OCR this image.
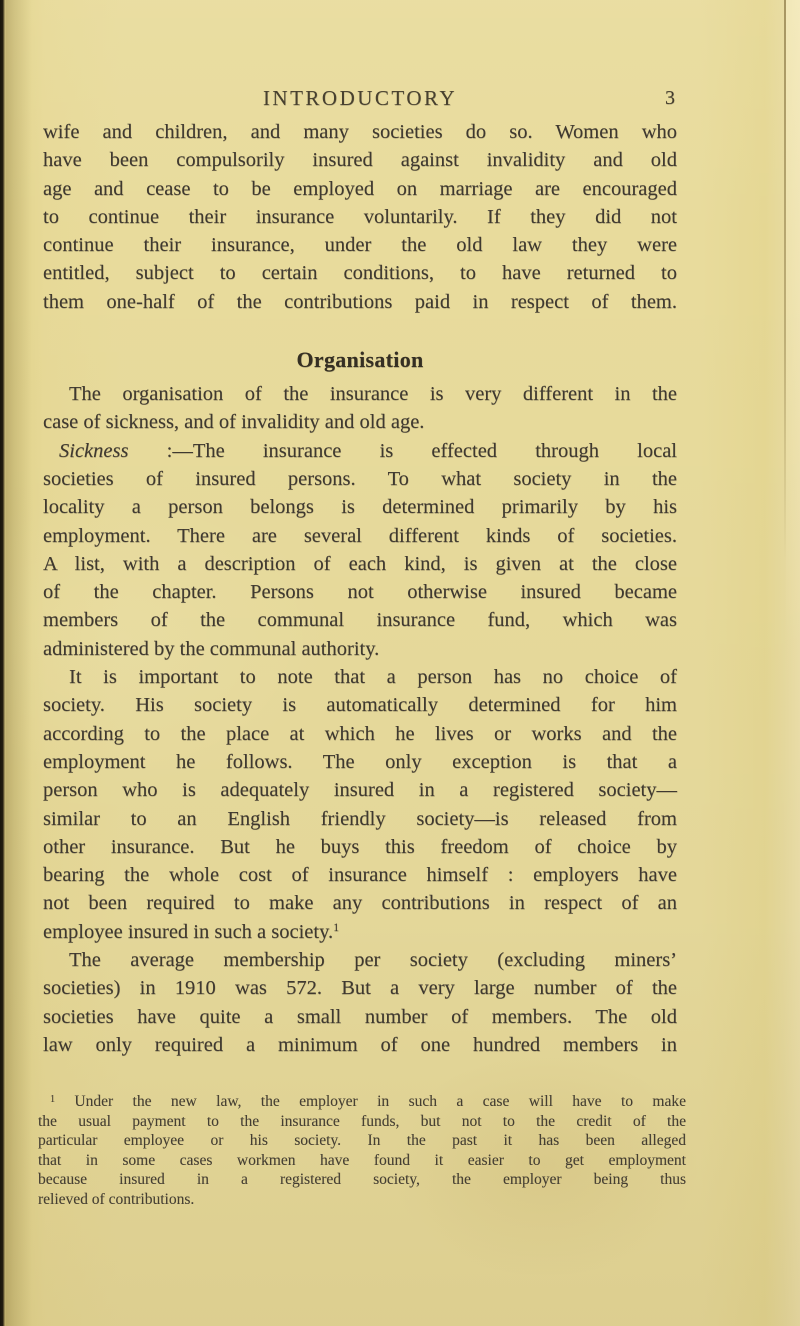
INTRODUCTORY	3
wife and children, and many societies do so. Women who
have been compulsorily insured against invalidity and old
age and cease to be employed on marriage are encouraged
to continue their insurance voluntarily. If they did not
continue their insurance, under the old law they were
entitled, subject to certain conditions, to have returned to
them one-half of the contributions paid in respect of them.
Organisation
The organisation of the insurance is very different in the
case of sickness, and of invalidity and old age.
Sickness :—The insurance is effected through local
societies of insured persons. To what society in the
locality a person belongs is determined primarily by his
employment. There are several different kinds of societies.
A list, with a description of each kind, is given at the close
of the chapter. Persons not otherwise insured became
members of the communal insurance fund, which was
administered by the communal authority.
It is important to note that a person has no choice of
society. His society is automatically determined for him
according to the place at which he lives or works and the
employment he follows. The only exception is that a
person who is adequately insured in a registered society—
similar to an English friendly society—is released from
other insurance. But he buys this freedom of choice by
bearing the whole cost of insurance himself : employers have
not been required to make any contributions in respect of an
employee insured in such a society.$^1$
The average membership per society (excluding miners’
societies) in 1910 was 572. But a very large number of the
societies have quite a small number of members. The old
law only required a minimum of one hundred members in
$^1$ Under the new law, the employer in such a case will have to make
the usual payment to the insurance funds, but not to the credit of the
particular employee or his society. In the past it has been alleged
that in some cases workmen have found it easier to get employment
because insured in a registered society, the employer being thus
relieved of contributions.
